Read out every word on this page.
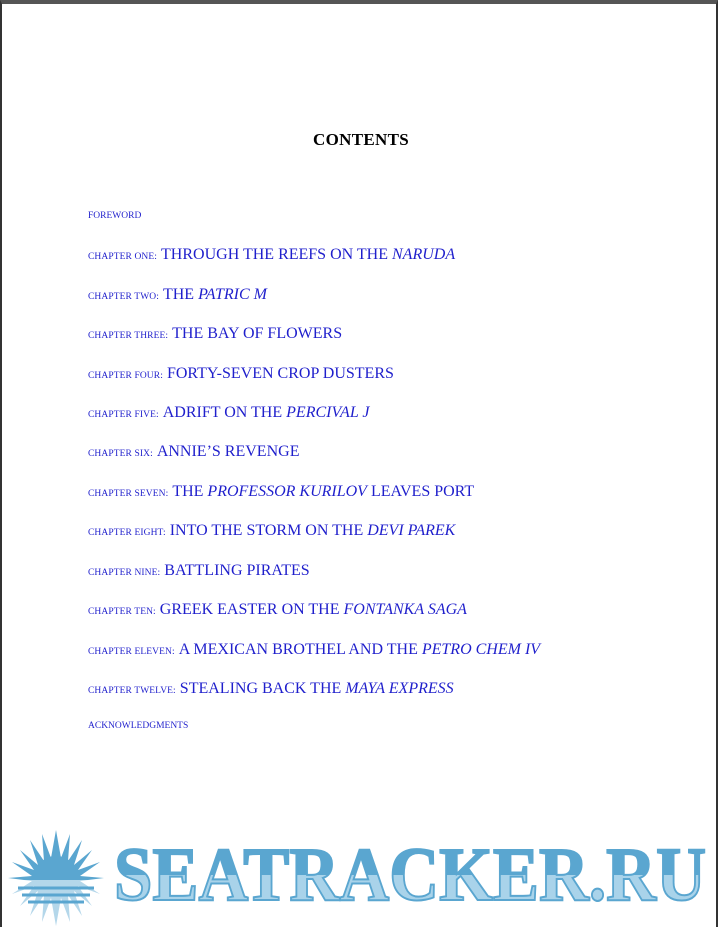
CONTENTS
FOREWORD
CHAPTER ONE: THROUGH THE REEFS ON THE NARUDA
CHAPTER TWO: THE PATRIC M
CHAPTER THREE: THE BAY OF FLOWERS
CHAPTER FOUR: FORTY-SEVEN CROP DUSTERS
CHAPTER FIVE: ADRIFT ON THE PERCIVAL J
CHAPTER SIX: ANNIE’S REVENGE
CHAPTER SEVEN: THE PROFESSOR KURILOV LEAVES PORT
CHAPTER EIGHT: INTO THE STORM ON THE DEVI PAREK
CHAPTER NINE: BATTLING PIRATES
CHAPTER TEN: GREEK EASTER ON THE FONTANKA SAGA
CHAPTER ELEVEN: A MEXICAN BROTHEL AND THE PETRO CHEM IV
CHAPTER TWELVE: STEALING BACK THE MAYA EXPRESS
ACKNOWLEDGMENTS
SEATRACKER.RU
